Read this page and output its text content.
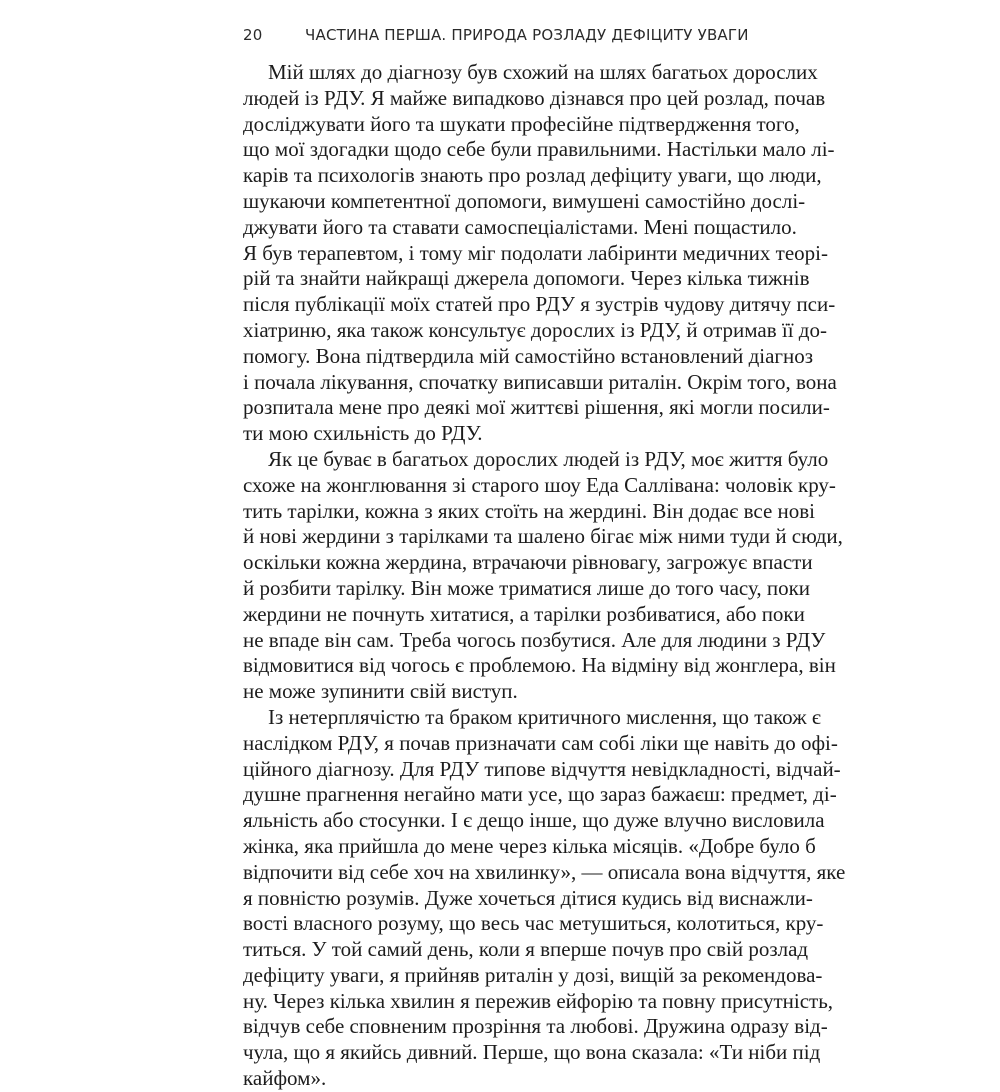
20	ЧАСТИНА ПЕРША. ПРИРОДА РОЗЛАДУ ДЕФІЦИТУ УВАГИ
Мій шлях до діагнозу був схожий на шлях багатьох дорослих
людей із РДУ. Я майже випадково дізнався про цей розлад, почав
досліджувати його та шукати професійне підтвердження того,
що мої здогадки щодо себе були правильними. Настільки мало лі-
карів та психологів знають про розлад дефіциту уваги, що люди,
шукаючи компетентної допомоги, вимушені самостійно дослі-
джувати його та ставати самоспеціалістами. Мені пощастило.
Я був терапевтом, і тому міг подолати лабіринти медичних теорі-
рій та знайти найкращі джерела допомоги. Через кілька тижнів
після публікації моїх статей про РДУ я зустрів чудову дитячу пси-
хіатриню, яка також консультує дорослих із РДУ, й отримав її до-
помогу. Вона підтвердила мій самостійно встановлений діагноз
і почала лікування, спочатку виписавши риталін. Окрім того, вона
розпитала мене про деякі мої життєві рішення, які могли посили-
ти мою схильність до РДУ.
Як це буває в багатьох дорослих людей із РДУ, моє життя було
схоже на жонглювання зі старого шоу Еда Салліванa: чоловік кру-
тить тарілки, кожна з яких стоїть на жердині. Він додає все нові
й нові жердини з тарілками та шалено бігає між ними туди й сюди,
оскільки кожна жердина, втрачаючи рівновагу, загрожує впасти
й розбити тарілку. Він може триматися лише до того часу, поки
жердини не почнуть хитатися, а тарілки розбиватися, або поки
не впаде він сам. Треба чогось позбутися. Але для людини з РДУ
відмовитися від чогось є проблемою. На відміну від жонглера, він
не може зупинити свій виступ.
Із нетерплячістю та браком критичного мислення, що також є
наслідком РДУ, я почав призначати сам собі ліки ще навіть до офі-
ційного діагнозу. Для РДУ типове відчуття невідкладності, відчай-
душне прагнення негайно мати усе, що зараз бажаєш: предмет, ді-
яльність або стосунки. І є дещо інше, що дуже влучно висловила
жінка, яка прийшла до мене через кілька місяців. «Добре було б
відпочити від себе хоч на хвилинку», — описала вона відчуття, яке
я повністю розумів. Дуже хочеться дітися кудись від виснажли-
вості власного розуму, що весь час метушиться, колотиться, кру-
титься. У той самий день, коли я вперше почув про свій розлад
дефіциту уваги, я прийняв риталін у дозі, вищій за рекомендова-
ну. Через кілька хвилин я пережив ейфорію та повну присутність,
відчув себе сповненим прозріння та любові. Дружина одразу від-
чула, що я якийсь дивний. Перше, що вона сказала: «Ти ніби під
кайфом».
